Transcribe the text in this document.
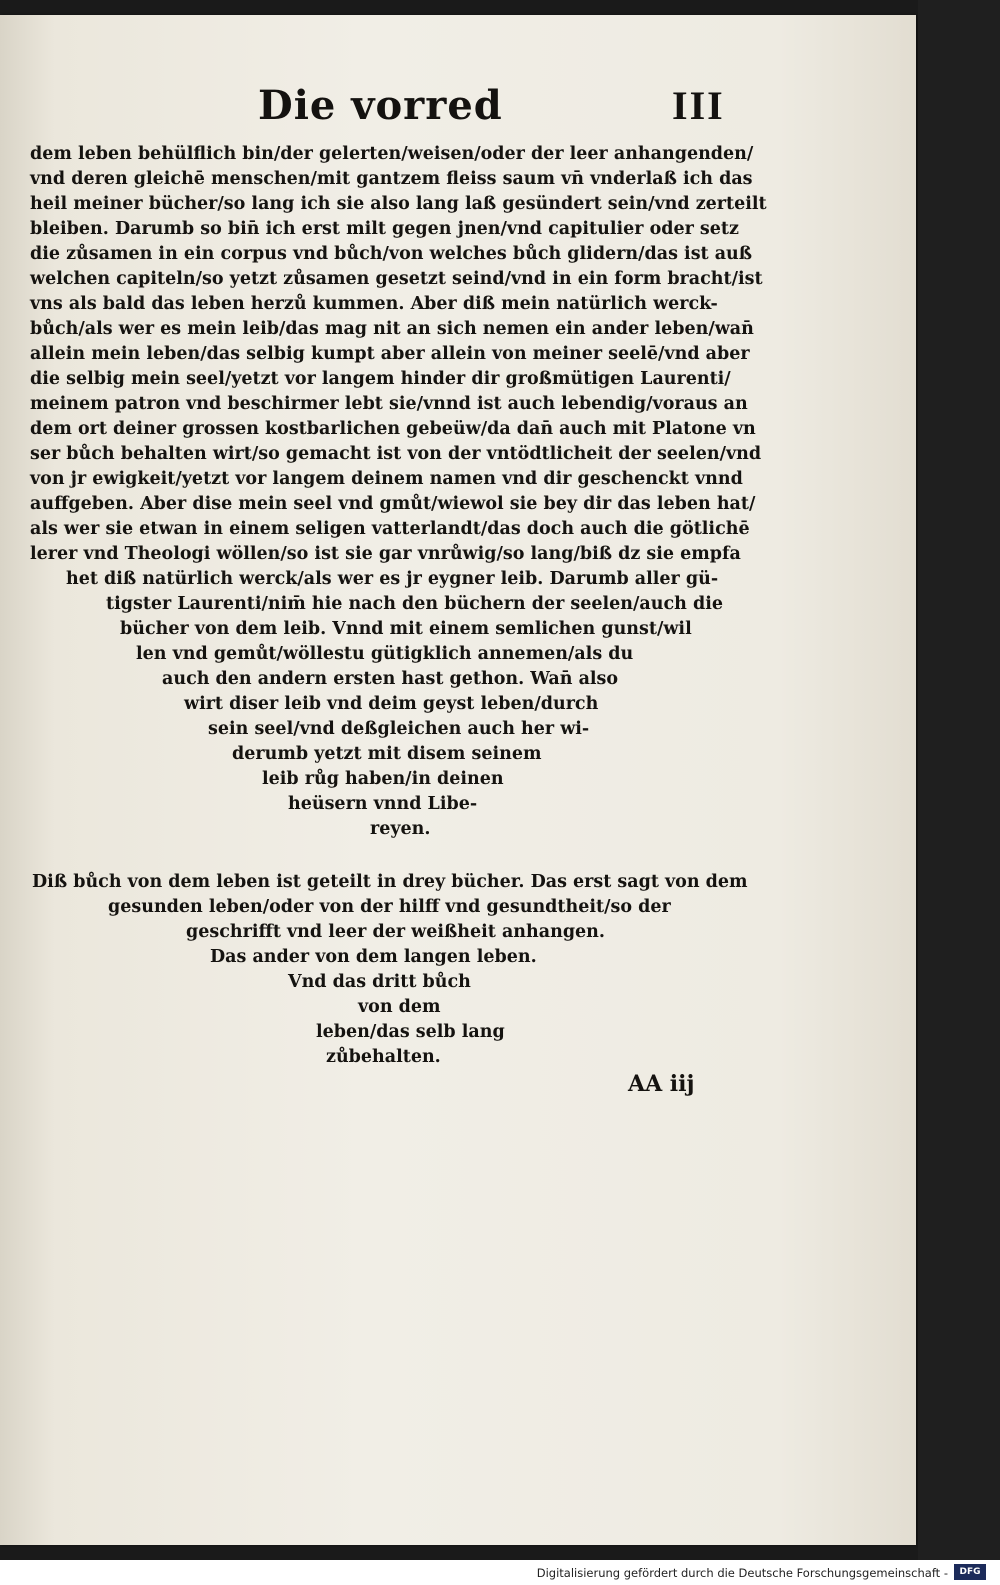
Die vorred	III
dem leben behülflich bin/der gelerten/weisen/oder der leer anhangenden/
vnd deren gleichē menschen/mit gantzem fleiss saum vn̄ vnderlaß ich das
heil meiner bücher/so lang ich sie also lang laß gesündert sein/vnd zerteilt
bleiben. Darumb so bin̄ ich erst milt gegen jnen/vnd capitulier oder setz
die zůsamen in ein corpus vnd bůch/von welches bůch glidern/das ist auß
welchen capiteln/so yetzt zůsamen gesetzt seind/vnd in ein form bracht/ist
vns als bald das leben herzů kummen. Aber diß mein natürlich werck-
bůch/als wer es mein leib/das mag nit an sich nemen ein ander leben/wan̄
allein mein leben/das selbig kumpt aber allein von meiner seelē/vnd aber
die selbig mein seel/yetzt vor langem hinder dir großmütigen Laurenti/
meinem patron vnd beschirmer lebt sie/vnnd ist auch lebendig/voraus an
dem ort deiner grossen kostbarlichen gebeüw/da dan̄ auch mit Platone vn
ser bůch behalten wirt/so gemacht ist von der vntödtlicheit der seelen/vnd
von jr ewigkeit/yetzt vor langem deinem namen vnd dir geschenckt vnnd
auffgeben. Aber dise mein seel vnd gmůt/wiewol sie bey dir das leben hat/
als wer sie etwan in einem seligen vatterlandt/das doch auch die götlichē
lerer vnd Theologi wöllen/so ist sie gar vnrůwig/so lang/biß dz sie empfa
het diß natürlich werck/als wer es jr eygner leib. Darumb aller gü-
tigster Laurenti/nim̄ hie nach den büchern der seelen/auch die
bücher von dem leib. Vnnd mit einem semlichen gunst/wil
len vnd gemůt/wöllestu gütigklich annemen/als du
auch den andern ersten hast gethon. Wan̄ also
wirt diser leib vnd deim geyst leben/durch
sein seel/vnd deßgleichen auch her wi-
derumb yetzt mit disem seinem
leib růg haben/in deinen
heüsern vnnd Libe-
reyen.
Diß bůch von dem leben ist geteilt in drey bücher. Das erst sagt von dem
gesunden leben/oder von der hilff vnd gesundtheit/so der
geschrifft vnd leer der weißheit anhangen.
Das ander von dem langen leben.
Vnd das dritt bůch
von dem
leben/das selb lang
zůbehalten.
AA iij
Digitalisierung gefördert durch die Deutsche Forschungsgemeinschaft -	DFG
